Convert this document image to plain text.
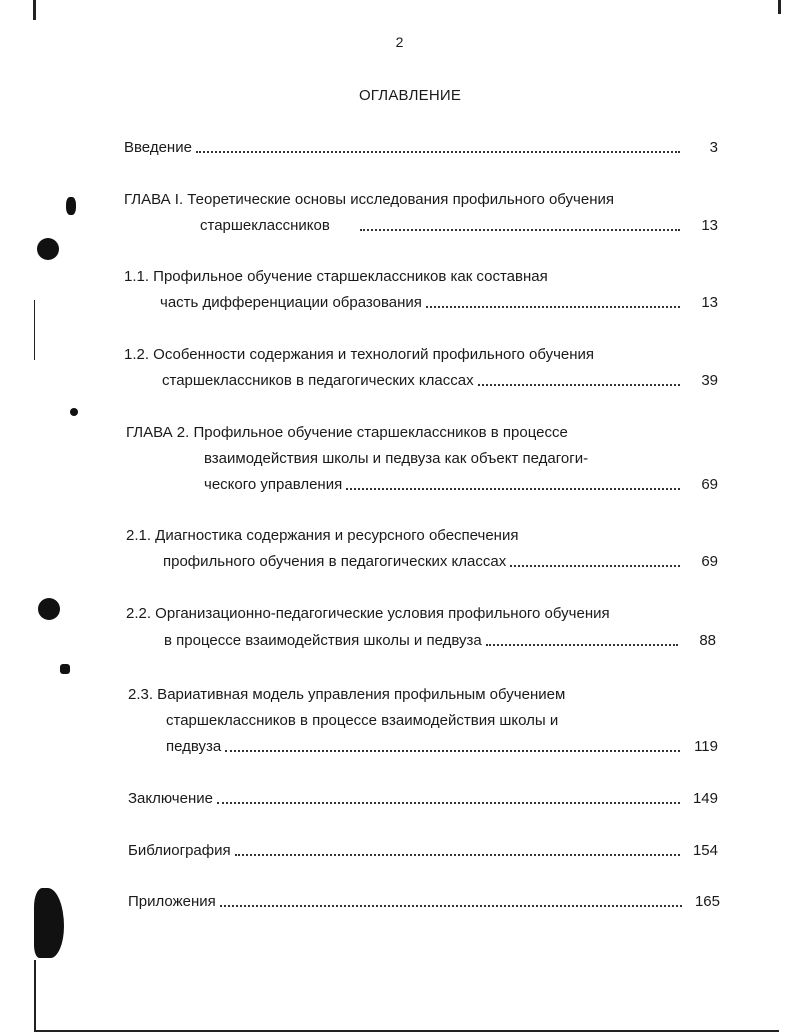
2
ОГЛАВЛЕНИЕ
Введение	3
ГЛАВА I. Теоретические основы исследования профильного обучения
старшеклассников	13
1.1. Профильное обучение старшеклассников как составная
часть дифференциации образования	13
1.2. Особенности содержания и технологий профильного обучения
старшеклассников в педагогических классах	39
ГЛАВА 2. Профильное обучение старшеклассников в процессе
взаимодействия школы и педвуза как объект педагоги-
ческого управления	69
2.1. Диагностика содержания и ресурсного обеспечения
профильного обучения в педагогических классах	69
2.2. Организационно-педагогические условия профильного обучения
в процессе взаимодействия школы и педвуза	88
2.3. Вариативная модель управления профильным обучением
старшеклассников в процессе взаимодействия школы и
педвуза	119
Заключение	149
Библиография	154
Приложения	165
